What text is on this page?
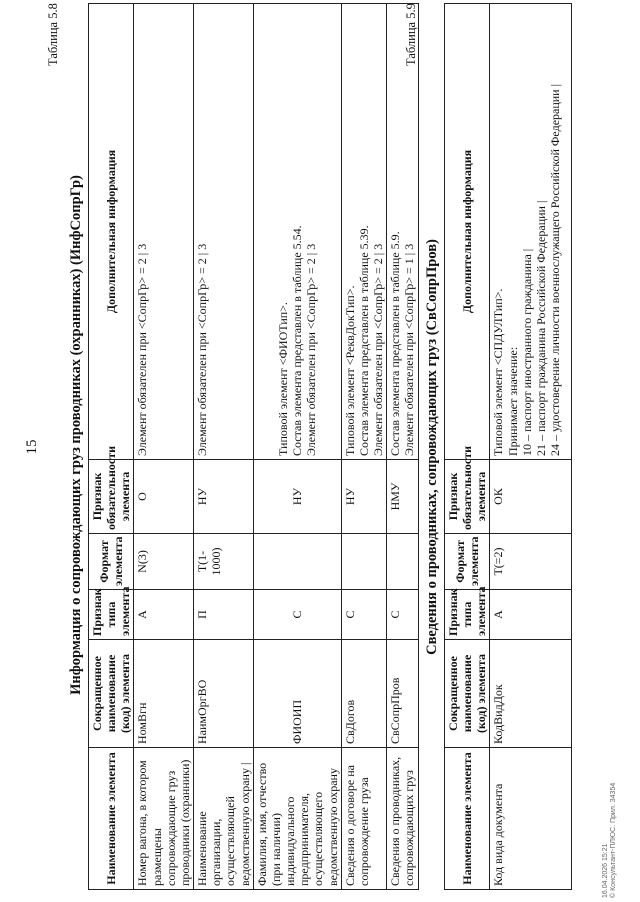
15
Таблица 5.8
Информация о сопровождающих груз проводниках (охранниках) (ИнфСопрГр)
Наименование элемента	Сокращенное наименование (код) элемента	Признак типа элемента	Формат элемента	Признак обязательности элемента	Дополнительная информация
Номер вагона, в котором размещены сопровождающие груз проводники (охранники)	НомВгн	А	N(3)	О	Элемент обязателен при <СопрГр> = 2 | 3

Наименование организации, осуществляющей ведомственную охрану |	НаимОргВО	П	T(1-1000)	НУ	Элемент обязателен при <СопрГр> = 2 | 3

Фамилия, имя, отчество (при наличии) индивидуального предпринимателя, осуществляющего ведомственную охрану	ФИОИП	С		НУ	Типовой элемент <ФИОТип>. Состав элемента представлен в таблице 5.54. Элемент обязателен при <СопрГр> = 2 | 3

Сведения о договоре на сопровождение груза	СвДогов	С		НУ	Типовой элемент <РеквДокТип>. Состав элемента представлен в таблице 5.39. Элемент обязателен при <СопрГр> = 2 | 3

Сведения о проводниках, сопровождающих груз	СвСопрПров	С		НМУ	Состав элемента представлен в таблице 5.9. Элемент обязателен при <СопрГр> = 1 | 3
Таблица 5.9
Сведения о проводниках, сопровождающих груз (СвСопрПров)
Наименование элемента	Сокращенное наименование (код) элемента	Признак типа элемента	Формат элемента	Признак обязательности элемента	Дополнительная информация
Код вида документа	КодВидДок	А	T(=2)	ОК	Типовой элемент <СПДУЛТип>. Принимает значение: 10 – паспорт иностранного гражданина | 21 – паспорт гражданина Российской Федерации | 24 – удостоверение личности военнослужащего Российской Федерации |
16.04.2026 15:21 © Консультант-ПЛЮС. Прил. 34354
